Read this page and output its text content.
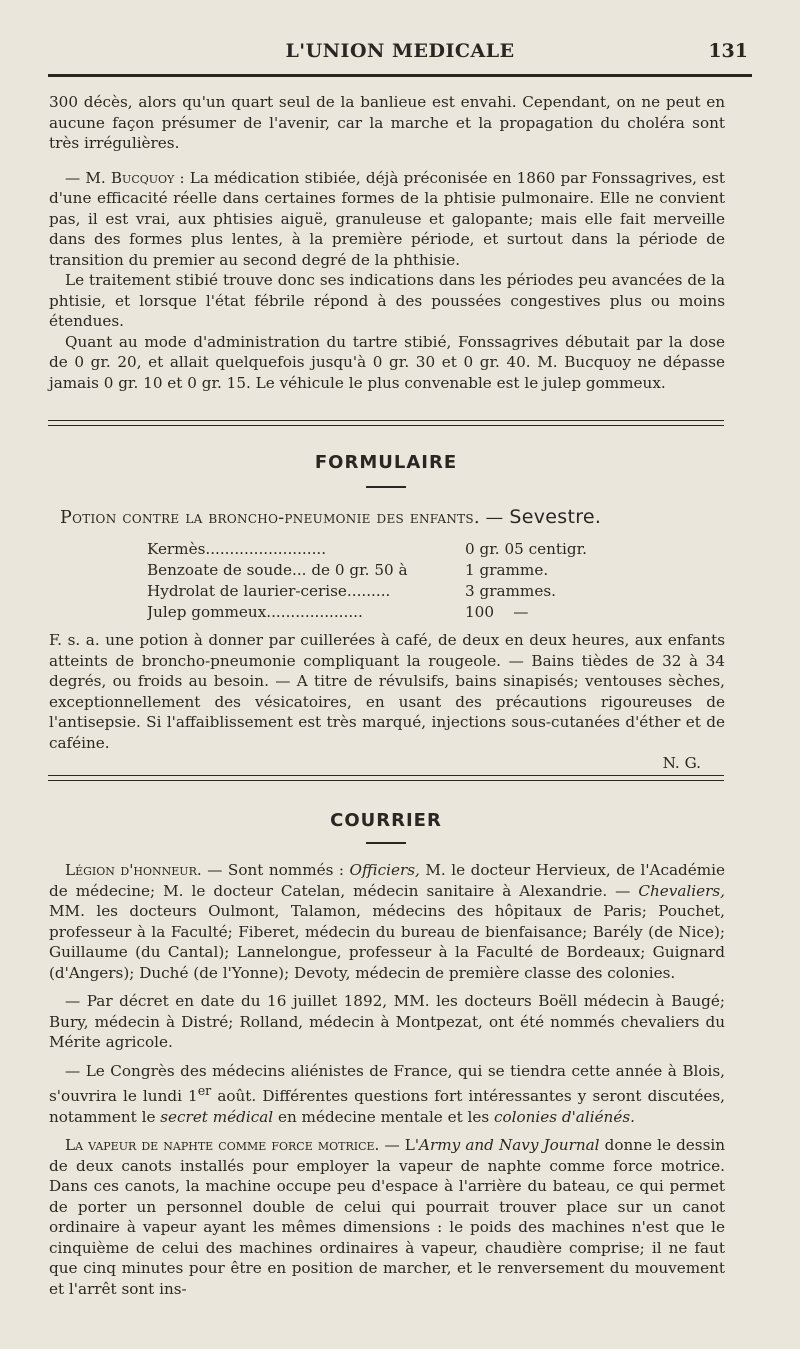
L'UNION MEDICALE	131

300 décès, alors qu'un quart seul de la banlieue est envahi. Cependant, on ne peut en aucune façon présumer de l'avenir, car la marche et la propagation du choléra sont très irrégulières.

— M. Bucquoy : La médication stibiée, déjà préconisée en 1860 par Fonssagrives, est d'une efficacité réelle dans certaines formes de la phtisie pulmonaire. Elle ne convient pas, il est vrai, aux phtisies aiguë, granuleuse et galopante; mais elle fait merveille dans des formes plus lentes, à la première période, et surtout dans la période de transition du premier au second degré de la phthisie.

Le traitement stibié trouve donc ses indications dans les périodes peu avancées de la phtisie, et lorsque l'état fébrile répond à des poussées congestives plus ou moins étendues.

Quant au mode d'administration du tartre stibié, Fonssagrives débutait par la dose de 0 gr. 20, et allait quelquefois jusqu'à 0 gr. 30 et 0 gr. 40. M. Bucquoy ne dépasse jamais 0 gr. 10 et 0 gr. 15. Le véhicule le plus convenable est le julep gommeux.

FORMULAIRE
Potion contre la broncho-pneumonie des enfants. — Sevestre.
Kermès.........................	0 gr. 05 centigr.
Benzoate de soude... de 0 gr. 50 à	1 gramme.
Hydrolat de laurier-cerise.........	3 grammes.
Julep gommeux....................	100    —

F. s. a. une potion à donner par cuillerées à café, de deux en deux heures, aux enfants atteints de broncho-pneumonie compliquant la rougeole. — Bains tièdes de 32 à 34 degrés, ou froids au besoin. — A titre de révulsifs, bains sinapisés; ventouses sèches, exceptionnellement des vésicatoires, en usant des précautions rigoureuses de l'antisepsie. Si l'affaiblissement est très marqué, injections sous-cutanées d'éther et de caféine.

N. G.

COURRIER

Légion d'honneur. — Sont nommés : Officiers, M. le docteur Hervieux, de l'Académie de médecine; M. le docteur Catelan, médecin sanitaire à Alexandrie. — Chevaliers, MM. les docteurs Oulmont, Talamon, médecins des hôpitaux de Paris; Pouchet, professeur à la Faculté; Fiberet, médecin du bureau de bienfaisance; Barély (de Nice); Guillaume (du Cantal); Lannelongue, professeur à la Faculté de Bordeaux; Guignard (d'Angers); Duché (de l'Yonne); Devoty, médecin de première classe des colonies.

— Par décret en date du 16 juillet 1892, MM. les docteurs Boëll médecin à Baugé; Bury, médecin à Distré; Rolland, médecin à Montpezat, ont été nommés chevaliers du Mérite agricole.

— Le Congrès des médecins aliénistes de France, qui se tiendra cette année à Blois, s'ouvrira le lundi 1er août. Différentes questions fort intéressantes y seront discutées, notamment le secret médical en médecine mentale et les colonies d'aliénés.

La vapeur de naphte comme force motrice. — L'Army and Navy Journal donne le dessin de deux canots installés pour employer la vapeur de naphte comme force motrice. Dans ces canots, la machine occupe peu d'espace à l'arrière du bateau, ce qui permet de porter un personnel double de celui qui pourrait trouver place sur un canot ordinaire à vapeur ayant les mêmes dimensions : le poids des machines n'est que le cinquième de celui des machines ordinaires à vapeur, chaudière comprise; il ne faut que cinq minutes pour être en position de marcher, et le renversement du mouvement et l'arrêt sont ins-
